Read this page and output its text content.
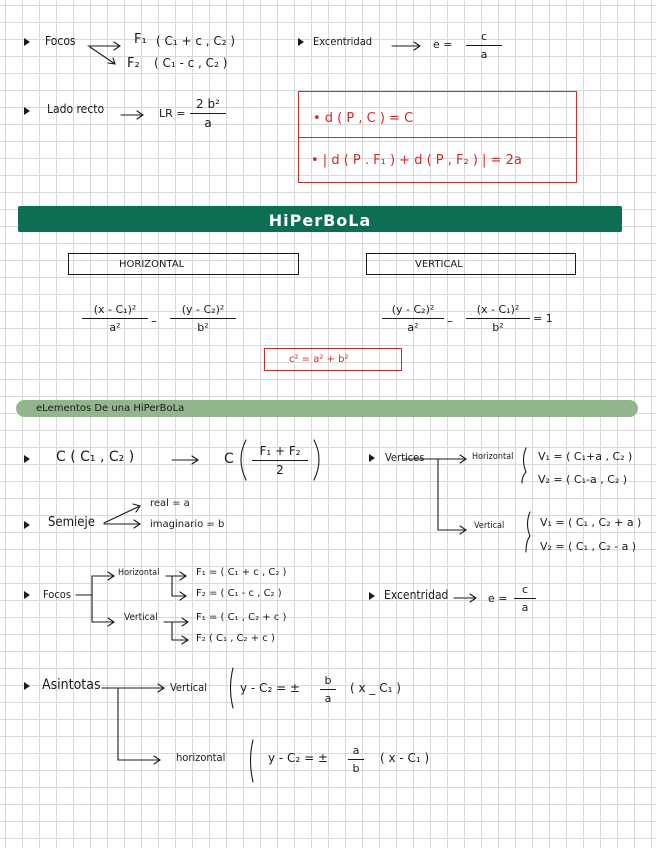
Focos	F₁ ( C₁ + c , C₂ )
F₂ ( C₁ - c , C₂ )
Excentridad	e =
c
a
Lado recto	LR =
2 b²
a	• d ( P , C ) = C
• | d ( P . F₁ ) + d ( P , F₂ ) | = 2a
HiPerBoLa
HORIZONTAL	VERTICAL
(x - C₁)²
a²	–
(y - C₂)²
b²
(y - C₂)²
a²	–
(x - C₁)²
b²
= 1
c² = a² + b²
eLementos De una HiPerBoLa
C ( C₁ , C₂ )	C	F₁ + F₂
2
Vertices	Horizontal
Vertical
V₁ = ( C₁+a , C₂ )
V₂ = ( C₁-a , C₂ )
V₁ = ( C₁ , C₂ + a )
V₂ = ( C₁ , C₂ - a )
Semieje
real = a
imaginario = b
Focos
Horizontal
Vertical
F₁ = ( C₁ + c , C₂ )
F₂ = ( C₁ - c , C₂ )
F₁ = ( C₁ , C₂ + c )
F₂ ( C₁ , C₂ + c )
Excentridad	e =
c
a
Asintotas	Vertical
horizontal
y - C₂ = ±
b
a
( x _ C₁ )
y - C₂ = ±
a
b
( x - C₁ )
